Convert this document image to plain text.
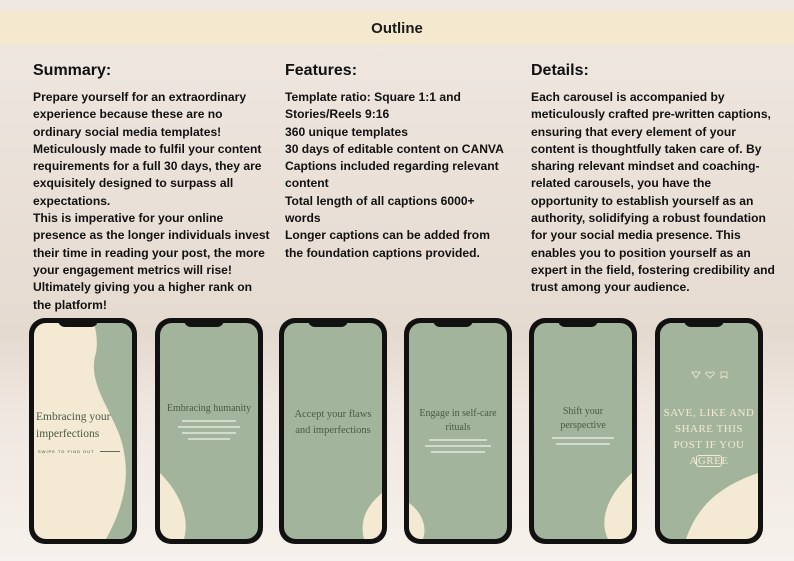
Outline
Summary:

Prepare yourself for an extraordinary experience because these are no ordinary social media templates!

Meticulously made to fulfil your content requirements for a full 30 days, they are exquisitely designed to surpass all expectations.

This is imperative for your online presence as the longer individuals invest their time in reading your post, the more your engagement metrics will rise!

Ultimately giving you a higher rank on the platform!

Features:

Template ratio: Square 1:1 and Stories/Reels 9:16

360 unique templates

30 days of editable content on CANVA

Captions included regarding relevant content

Total length of all captions 6000+ words

Longer captions can be added from the foundation captions provided.

Details:

Each carousel is accompanied by meticulously crafted pre-written captions, ensuring that every element of your content is thoughtfully taken care of. By sharing relevant mindset and coaching-related carousels, you have the opportunity to establish yourself as an authority, solidifying a robust foundation for your social media presence. This enables you to position yourself as an expert in the field, fostering credibility and trust among your audience.

Embracing your imperfections
SWIPE TO FIND OUT
Embracing humanity
Accept your flaws and imperfections
Engage in self-care rituals
Shift your perspective
SAVE, LIKE AND SHARE THIS POST IF YOU AGREE
